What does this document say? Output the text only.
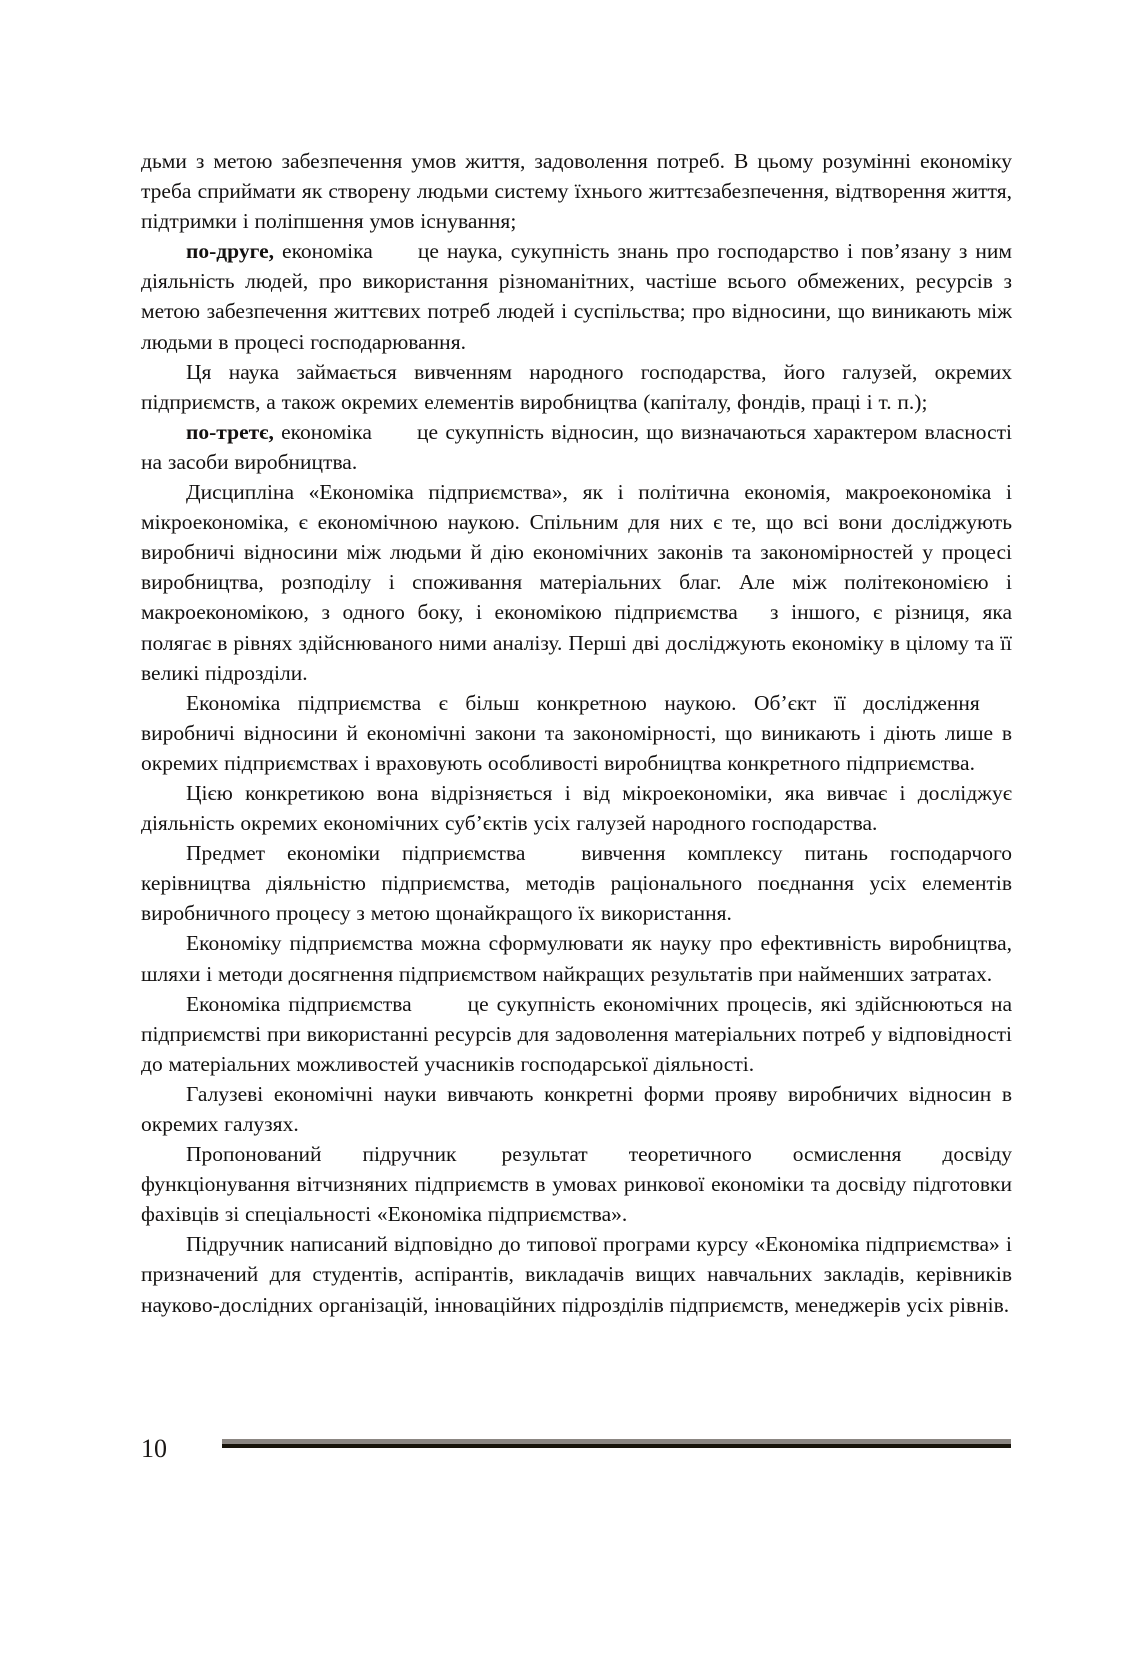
дьми з метою забезпечення умов життя, задоволення потреб. В цьому розумінні економіку треба сприймати як створену людьми систему їхнього життєзабезпечення, відтворення життя, підтримки і поліпшення умов існування;

по-друге, економіка це наука, сукупність знань про господарство і пов’язану з ним діяльність людей, про використання різноманітних, частіше всього обмежених, ресурсів з метою забезпечення життєвих потреб людей і суспільства; про відносини, що виникають між людьми в процесі господарювання.

Ця наука займається вивченням народного господарства, його галузей, окремих підприємств, а також окремих елементів виробництва (капіталу, фондів, праці і т. п.);

по-третє, економіка це сукупність відносин, що визначаються характером власності на засоби виробництва.

Дисципліна «Економіка підприємства», як і політична економія, макроекономіка і мікроекономіка, є економічною наукою. Спільним для них є те, що всі вони досліджують виробничі відносини між людьми й дію економічних законів та закономірностей у процесі виробництва, розподілу і споживання матеріальних благ. Але між політекономією і макроекономікою, з одного боку, і економікою підприємства з іншого, є різниця, яка полягає в рівнях здійснюваного ними аналізу. Перші дві досліджують економіку в цілому та її великі підрозділи.

Економіка підприємства є більш конкретною наукою. Об’єкт її дослідженнявиробничі відносини й економічні закони та закономірності, що виникають і діють лише в окремих підприємствах і враховують особливості виробництва конкретного підприємства.

Цією конкретикою вона відрізняється і від мікроекономіки, яка вивчає і досліджує діяльність окремих економічних суб’єктів усіх галузей народного господарства.

Предмет економіки підприємства	вивчення комплексу питань господарчого керівництва діяльністю підприємства, методів раціонального поєднання усіх елементів виробничного процесу з метою щонайкращого їх використання.

Економіку підприємства можна сформулювати як науку про ефективність виробництва, шляхи і методи досягнення підприємством найкращих результатів при найменших затратах.

Економіка підприємства	це сукупність економічних процесів, які здійснюються на підприємстві при використанні ресурсів для задоволення матеріальних потреб у відповідності до матеріальних можливостей учасників господарської діяльності.

Галузеві економічні науки вивчають конкретні форми прояву виробничих відносин в окремих галузях.

Пропонований підручник результат теоретичного осмислення досвіду функціонування вітчизняних підприємств в умовах ринкової економіки та досвіду підготовки фахівців зі спеціальності «Економіка підприємства».

Підручник написаний відповідно до типової програми курсу «Економіка підприємства» і призначений для студентів, аспірантів, викладачів вищих навчальних закладів, керівників науково-дослідних організацій, інноваційних підрозділів підприємств, менеджерів усіх рівнів.

10
